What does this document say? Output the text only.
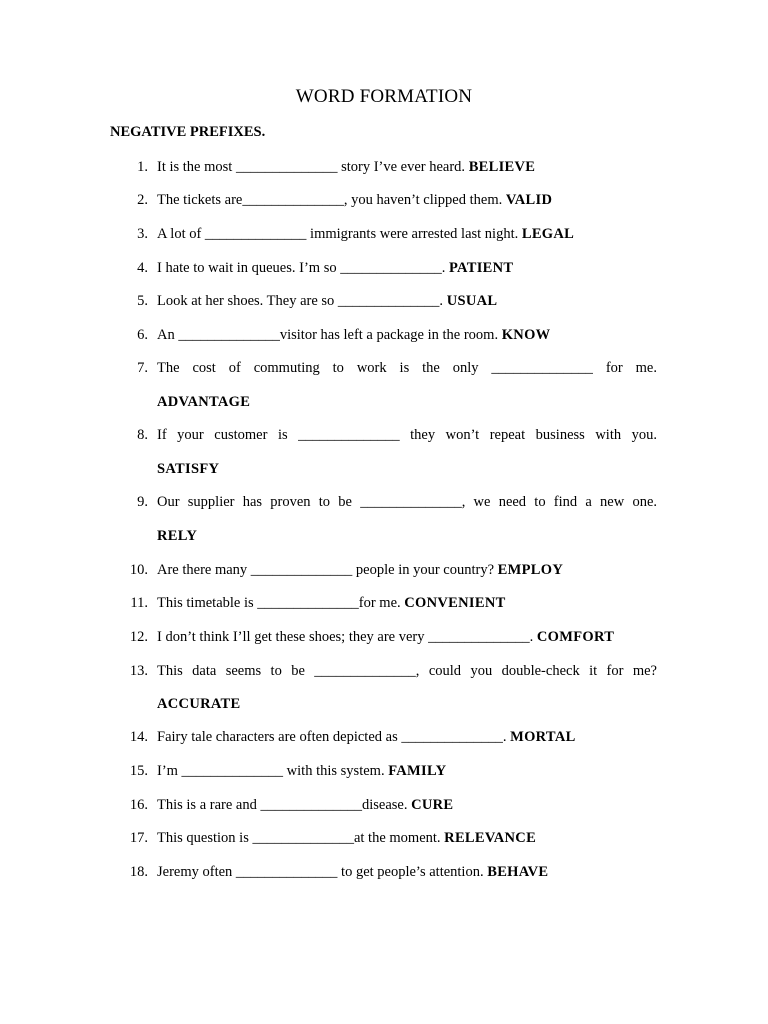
WORD FORMATION
NEGATIVE PREFIXES.
1. It is the most ______________ story I’ve ever heard. BELIEVE
2. The tickets are______________, you haven’t clipped them. VALID
3. A lot of ______________ immigrants were arrested last night. LEGAL
4. I hate to wait in queues. I’m so ______________. PATIENT
5. Look at her shoes. They are so ______________. USUAL
6. An ______________visitor has left a package in the room. KNOW
7. The cost of commuting to work is the only ______________ for me.
ADVANTAGE
8. If your customer is ______________ they won’t repeat business with you.
SATISFY
9. Our supplier has proven to be ______________, we need to find a new one.
RELY
10. Are there many ______________ people in your country? EMPLOY
11. This timetable is ______________for me. CONVENIENT
12. I don’t think I’ll get these shoes; they are very ______________. COMFORT
13. This data seems to be ______________, could you double-check it for me?
ACCURATE
14. Fairy tale characters are often depicted as ______________. MORTAL
15. I’m ______________ with this system. FAMILY
16. This is a rare and ______________disease. CURE
17. This question is ______________at the moment. RELEVANCE
18. Jeremy often ______________ to get people’s attention. BEHAVE
